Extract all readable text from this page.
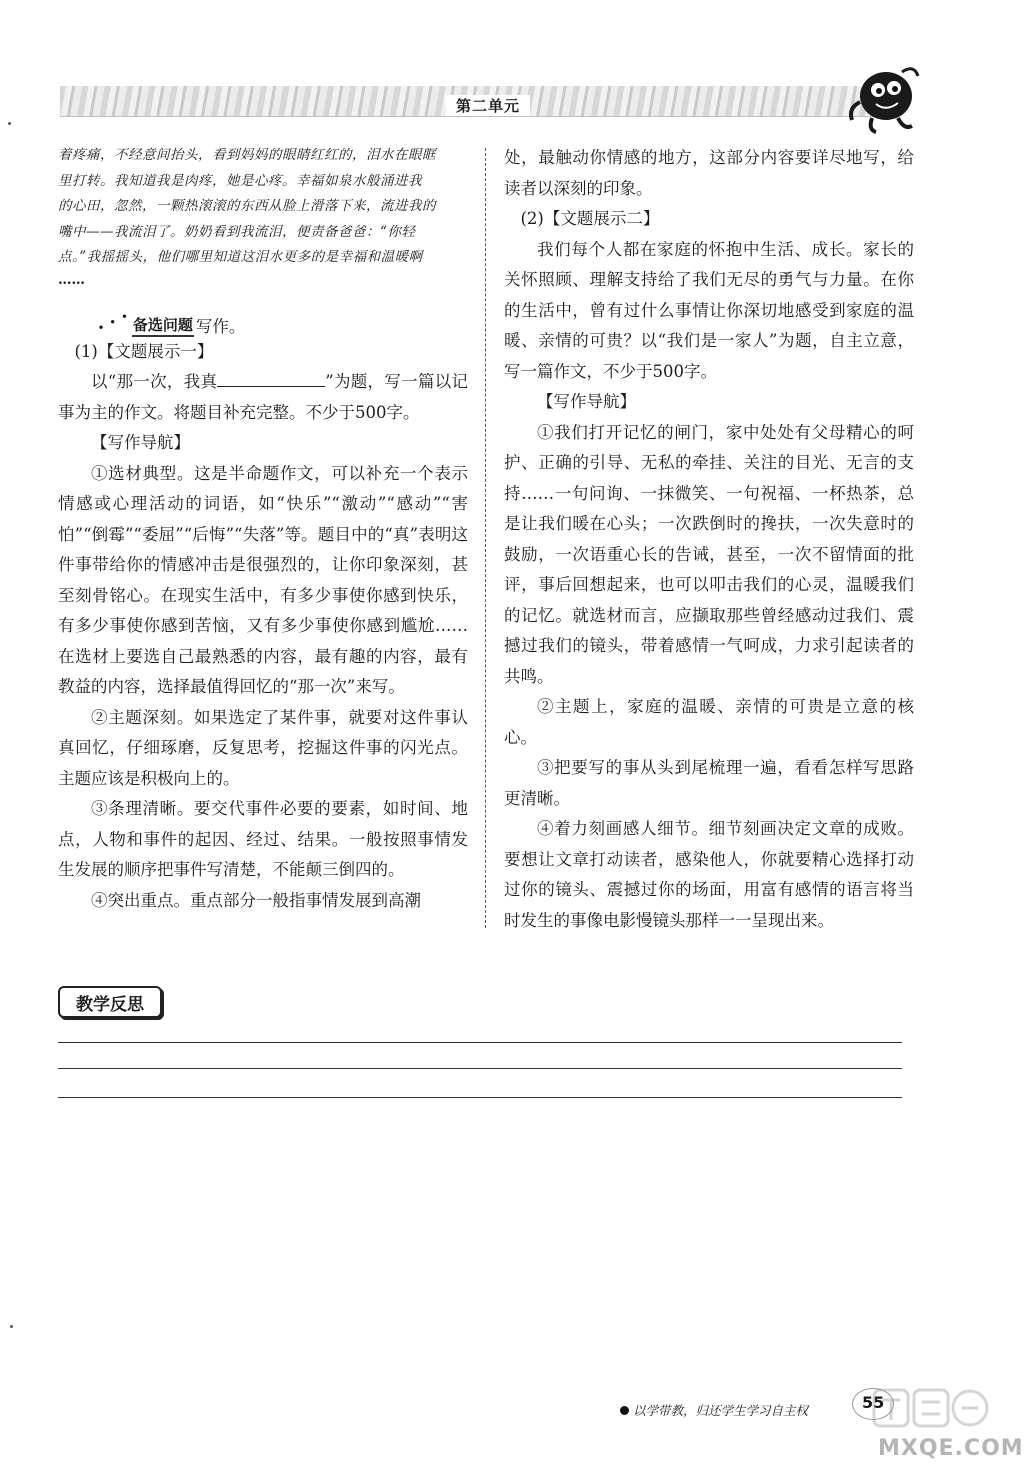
第二单元

着疼痛，不经意间抬头，看到妈妈的眼睛红红的，泪水在眼眶

里打转。我知道我是肉疼，她是心疼。幸福如泉水般涌进我

的心田，忽然，一颗热滚滚的东西从脸上滑落下来，流进我的

嘴中——我流泪了。奶奶看到我流泪，便责备爸爸：“你轻

点。”我摇摇头，他们哪里知道这泪水更多的是幸福和温暖啊

……

• • • 备选问题 写作。

(1)【文题展示一】

以“那一次，我真	”为题，写一篇以记事为主的作文。将题目补充完整。不少于500字。

【写作导航】

①选材典型。这是半命题作文，可以补充一个表示情感或心理活动的词语，如“快乐”“激动”“感动”“害怕”“倒霉”“委屈”“后悔”“失落”等。题目中的“真”表明这件事带给你的情感冲击是很强烈的，让你印象深刻，甚至刻骨铭心。在现实生活中，有多少事使你感到快乐，有多少事使你感到苦恼，又有多少事使你感到尴尬……在选材上要选自己最熟悉的内容，最有趣的内容，最有教益的内容，选择最值得回忆的“那一次”来写。

②主题深刻。如果选定了某件事，就要对这件事认真回忆，仔细琢磨，反复思考，挖掘这件事的闪光点。主题应该是积极向上的。

③条理清晰。要交代事件必要的要素，如时间、地点，人物和事件的起因、经过、结果。一般按照事情发生发展的顺序把事件写清楚，不能颠三倒四的。

④突出重点。重点部分一般指事情发展到高潮

处，最触动你情感的地方，这部分内容要详尽地写，给读者以深刻的印象。

(2)【文题展示二】

我们每个人都在家庭的怀抱中生活、成长。家长的关怀照顾、理解支持给了我们无尽的勇气与力量。在你的生活中，曾有过什么事情让你深切地感受到家庭的温暖、亲情的可贵？以“我们是一家人”为题，自主立意，写一篇作文，不少于500字。

【写作导航】

①我们打开记忆的闸门，家中处处有父母精心的呵护、正确的引导、无私的牵挂、关注的目光、无言的支持……一句问询、一抹微笑、一句祝福、一杯热茶，总是让我们暖在心头；一次跌倒时的搀扶，一次失意时的鼓励，一次语重心长的告诫，甚至，一次不留情面的批评，事后回想起来，也可以叩击我们的心灵，温暖我们的记忆。就选材而言，应撷取那些曾经感动过我们、震撼过我们的镜头，带着感情一气呵成，力求引起读者的共鸣。

②主题上，家庭的温暖、亲情的可贵是立意的核心。

③把要写的事从头到尾梳理一遍，看看怎样写思路更清晰。

④着力刻画感人细节。细节刻画决定文章的成败。要想让文章打动读者，感染他人，你就要精心选择打动过你的镜头、震撼过你的场面，用富有感情的语言将当时发生的事像电影慢镜头那样一一呈现出来。

教学反思
以学带教，归还学生学习自主权	55
MXQE.COM
